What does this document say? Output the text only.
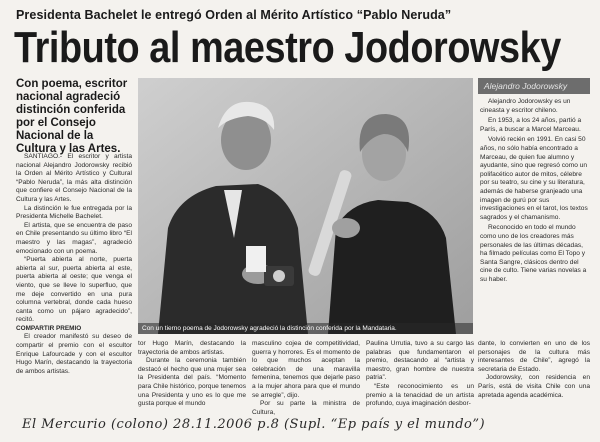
Presidenta Bachelet le entregó Orden al Mérito Artístico “Pablo Neruda”
Tributo al maestro Jodorowsky
Con poema, escritor nacional agradeció distinción conferida por el Consejo Nacional de la Cultura y las Artes.
Con un tierno poema de Jodorowsky agradeció la distinción conferida por la Mandataria.
Alejandro Jodorowsky

Alejandro Jodorowsky es un cineasta y escritor chileno.

En 1953, a los 24 años, partió a París, a buscar a Marcel Marceau.

Volvió recién en 1991. En casi 50 años, no sólo había encontrado a Marceau, de quien fue alumno y ayudante, sino que regresó como un polifacético autor de mitos, célebre por su teatro, su cine y su literatura, además de haberse granjeado una imagen de gurú por sus investigaciones en el tarot, los textos sagrados y el chamanismo.

Reconocido en todo el mundo como uno de los creadores más personales de las últimas décadas, ha filmado películas como El Topo y Santa Sangre, clásicos dentro del cine de culto. Tiene varias novelas a su haber.

SANTIAGO.- El escritor y artista nacional Alejandro Jodorowsky recibió la Orden al Mérito Artístico y Cultural “Pablo Neruda”, la más alta distinción que confiere el Consejo Nacional de la Cultura y las Artes.

La distinción le fue entregada por la Presidenta Michelle Bachelet.

El artista, que se encuentra de paso en Chile presentando su último libro “El maestro y las magas”, agradeció emocionado con un poema.

“Puerta abierta al norte, puerta abierta al sur, puerta abierta al este, puerta abierta al oeste; que venga el viento, que se lleve lo superfluo, que me deje convertido en una pura columna vertebral, donde cada hueso canta como un pájaro agradecido”, recitó.

COMPARTIR PREMIO

El creador manifestó su deseo de compartir el premio con el escultor Enrique Lafourcade y con el escultor Hugo Marín, destacando la trayectoria de ambos artistas.

tor Hugo Marín, destacando la trayectoria de ambos artistas.

Durante la ceremonia también destacó el hecho que una mujer sea la Presidenta del país. “Momento para Chile histórico, porque tenemos una Presidenta y uno es lo que me gusta porque el mundo

masculino cojea de competitividad, guerra y horrores. Es el momento de lo que muchos aceptan la celebración de una maravilla femenina, tenemos que dejarle paso a la mujer ahora para que el mundo se arregle”, dijo.

Por su parte la ministra de Cultura,

Paulina Urrutia, tuvo a su cargo las palabras que fundamentaron el premio, destacando al “artista y maestro, gran hombre de nuestra patria”.

“Este reconocimiento es un premio a la tenacidad de un artista profundo, cuya imaginación desbor-

dante, lo convierten en uno de los personajes de la cultura más interesantes de Chile”, agregó la secretaria de Estado.

Jodorowsky, con residencia en París, está de visita Chile con una apretada agenda académica.

El Mercurio (colono) 28.11.2006 p.8 (Supl. “Ep país y el mundo”)
